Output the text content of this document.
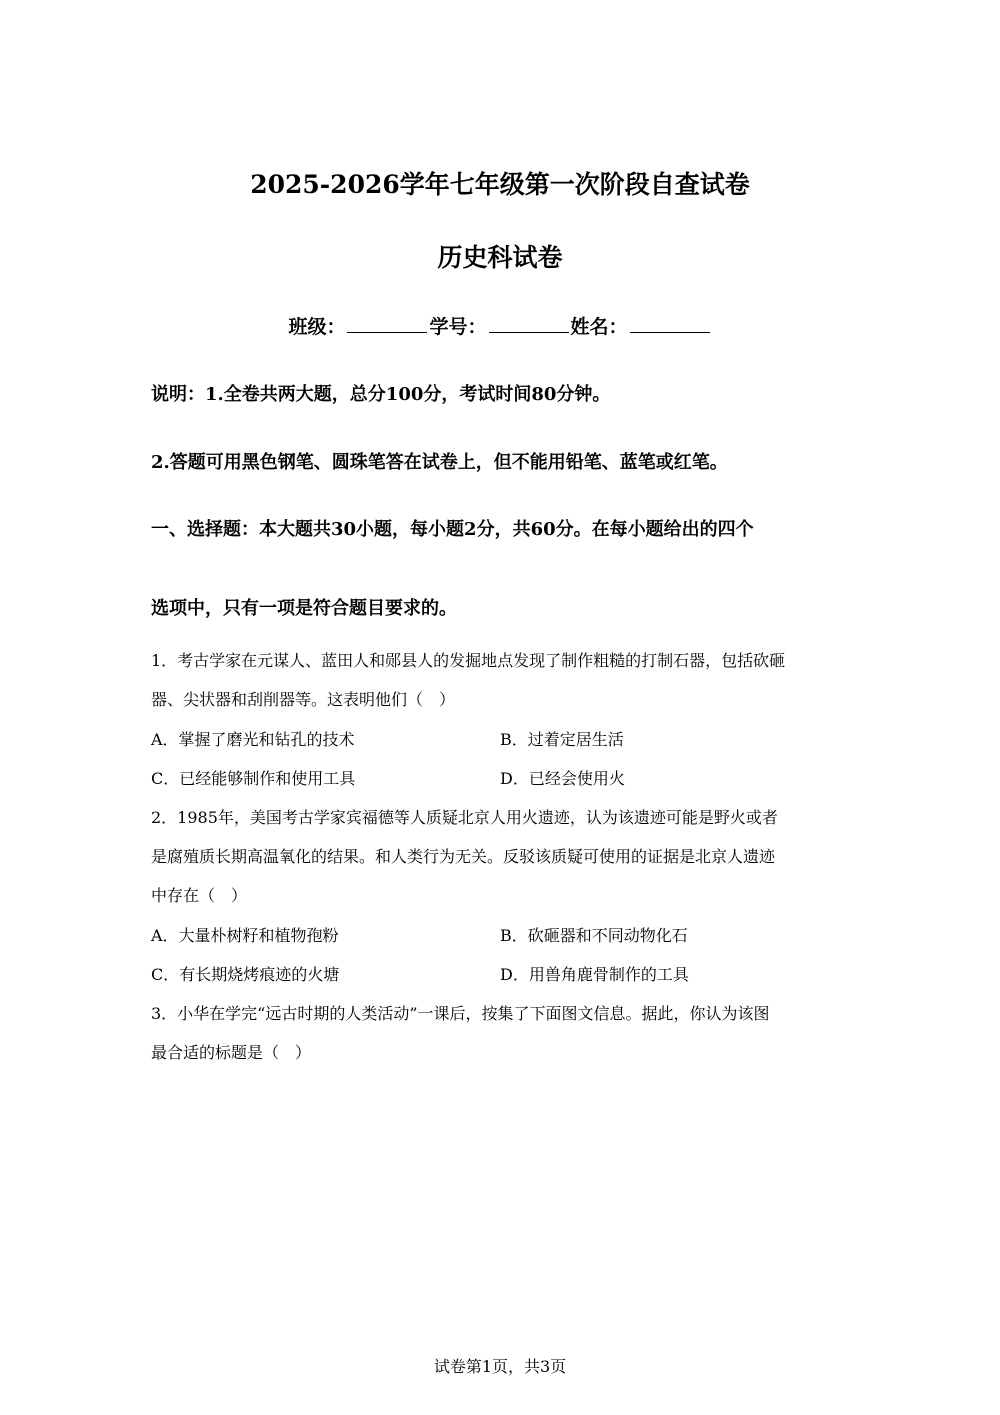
2025-2026学年七年级第一次阶段自查试卷
历史科试卷
班级：	学号：	姓名：
说明：1.全卷共两大题，总分100分，考试时间80分钟。
2.答题可用黑色钢笔、圆珠笔答在试卷上，但不能用铅笔、蓝笔或红笔。
一、选择题：本大题共30小题，每小题2分，共60分。在每小题给出的四个
选项中，只有一项是符合题目要求的。
1．考古学家在元谋人、蓝田人和郧县人的发掘地点发现了制作粗糙的打制石器，包括砍砸
器、尖状器和刮削器等。这表明他们（　）
A．掌握了磨光和钻孔的技术	B．过着定居生活
C．已经能够制作和使用工具	D．已经会使用火
2．1985年，美国考古学家宾福德等人质疑北京人用火遗迹，认为该遗迹可能是野火或者
是腐殖质长期高温氧化的结果。和人类行为无关。反驳该质疑可使用的证据是北京人遗迹
中存在（　）
A．大量朴树籽和植物孢粉	B．砍砸器和不同动物化石
C．有长期烧烤痕迹的火塘	D．用兽角鹿骨制作的工具
3．小华在学完“远古时期的人类活动”一课后，按集了下面图文信息。据此，你认为该图
最合适的标题是（　）
试卷第1页，共3页
